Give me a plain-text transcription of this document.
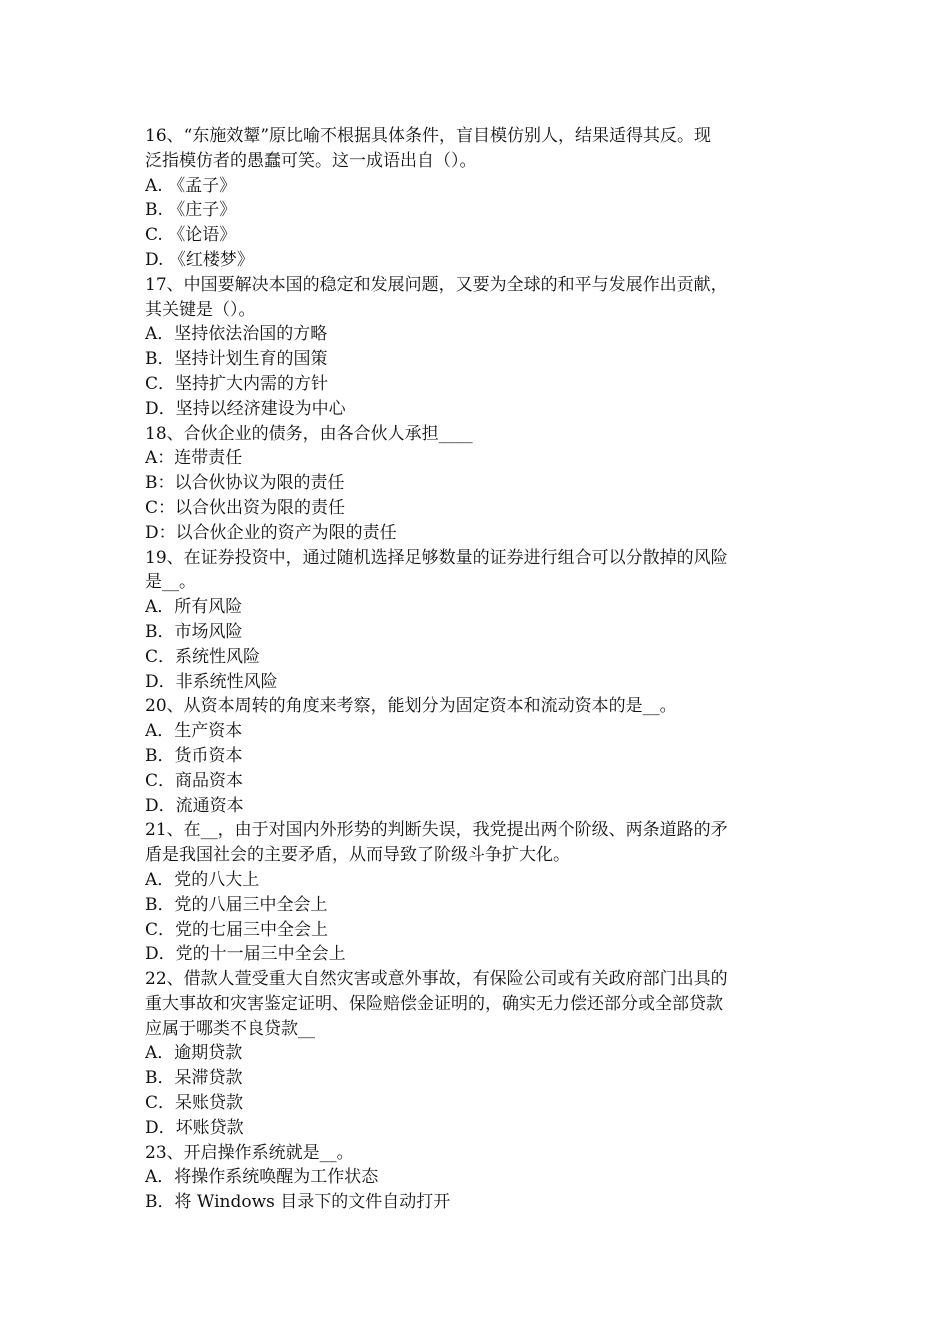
16、“东施效颦”原比喻不根据具体条件，盲目模仿别人，结果适得其反。现
泛指模仿者的愚蠢可笑。这一成语出自（）。
A. 《孟子》
B. 《庄子》
C. 《论语》
D. 《红楼梦》
17、中国要解决本国的稳定和发展问题，又要为全球的和平与发展作出贡献，
其关键是（）。
A．坚持依法治国的方略
B．坚持计划生育的国策
C．坚持扩大内需的方针
D．坚持以经济建设为中心
18、合伙企业的债务，由各合伙人承担____
A：连带责任
B：以合伙协议为限的责任
C：以合伙出资为限的责任
D：以合伙企业的资产为限的责任
19、在证券投资中，通过随机选择足够数量的证券进行组合可以分散掉的风险
是__。
A．所有风险
B．市场风险
C．系统性风险
D．非系统性风险
20、从资本周转的角度来考察，能划分为固定资本和流动资本的是__。
A．生产资本
B．货币资本
C．商品资本
D．流通资本
21、在__，由于对国内外形势的判断失误，我党提出两个阶级、两条道路的矛
盾是我国社会的主要矛盾，从而导致了阶级斗争扩大化。
A．党的八大上
B．党的八届三中全会上
C．党的七届三中全会上
D．党的十一届三中全会上
22、借款人萱受重大自然灾害或意外事故，有保险公司或有关政府部门出具的
重大事故和灾害鉴定证明、保险赔偿金证明的，确实无力偿还部分或全部贷款
应属于哪类不良贷款__
A．逾期贷款
B．呆滞贷款
C．呆账贷款
D．坏账贷款
23、开启操作系统就是__。
A．将操作系统唤醒为工作状态
B．将 Windows 目录下的文件自动打开
